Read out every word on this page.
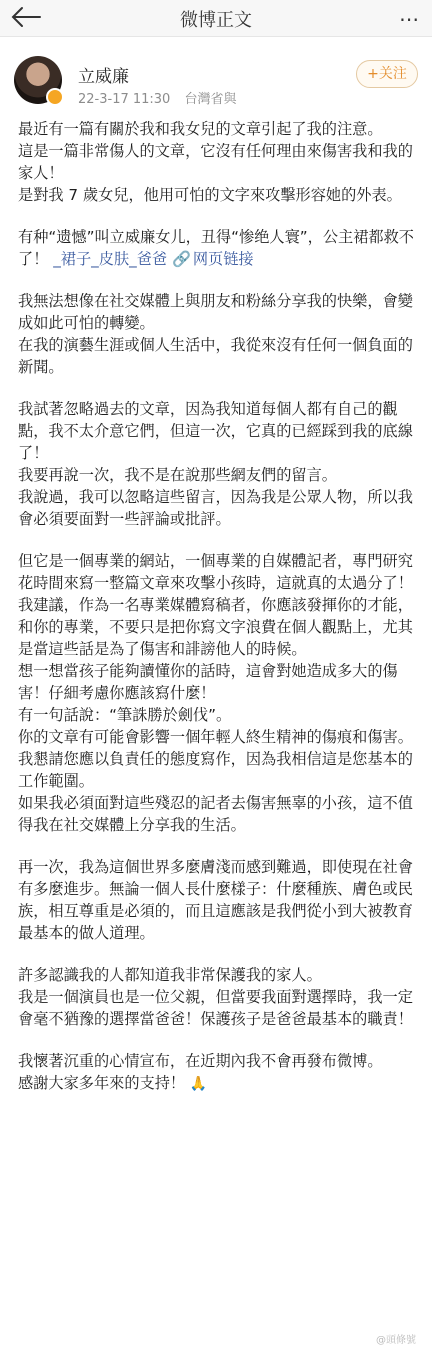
微博正文	⋯
立威廉
22-3-17 11:30 台灣省與
+关注

最近有一篇有關於我和我女兒的文章引起了我的注意。
這是一篇非常傷人的文章，它沒有任何理由來傷害我和我的家人！
是對我 7 歲女兒，他用可怕的文字來攻擊形容她的外表。

有种“遗憾”叫立威廉女儿，丑得“惨绝人寰”，公主裙都救不了！ _裙子_皮肤_爸爸 🔗 网页链接

我無法想像在社交媒體上與朋友和粉絲分享我的快樂，會變成如此可怕的轉變。
在我的演藝生涯或個人生活中，我從來沒有任何一個負面的新聞。

我試著忽略過去的文章，因為我知道每個人都有自己的觀點，我不太介意它們，但這一次，它真的已經踩到我的底線了！
我要再說一次，我不是在說那些網友們的留言。
我說過，我可以忽略這些留言，因為我是公眾人物，所以我會必須要面對一些評論或批評。

但它是一個專業的網站，一個專業的自媒體記者，專門研究花時間來寫一整篇文章來攻擊小孩時，這就真的太過分了！
我建議，作為一名專業媒體寫稿者，你應該發揮你的才能，和你的專業，不要只是把你寫文字浪費在個人觀點上，尤其是當這些話是為了傷害和誹謗他人的時候。
想一想當孩子能夠讀懂你的話時，這會對她造成多大的傷害！仔細考慮你應該寫什麼！
有一句話說：“筆誅勝於劍伐”。
你的文章有可能會影響一個年輕人終生精神的傷痕和傷害。
我懇請您應以負責任的態度寫作，因為我相信這是您基本的工作範圍。
如果我必須面對這些殘忍的記者去傷害無辜的小孩，這不值得我在社交媒體上分享我的生活。

再一次，我為這個世界多麼膚淺而感到難過，即使現在社會有多麼進步。無論一個人長什麼樣子：什麼種族、膚色或民族，相互尊重是必須的，而且這應該是我們從小到大被教育最基本的做人道理。

許多認識我的人都知道我非常保護我的家人。
我是一個演員也是一位父親，但當要我面對選擇時，我一定會毫不猶豫的選擇當爸爸！保護孩子是爸爸最基本的職責！

我懷著沉重的心情宣布，在近期內我不會再發布微博。
感謝大家多年來的支持！ 🙏

@頭條號
